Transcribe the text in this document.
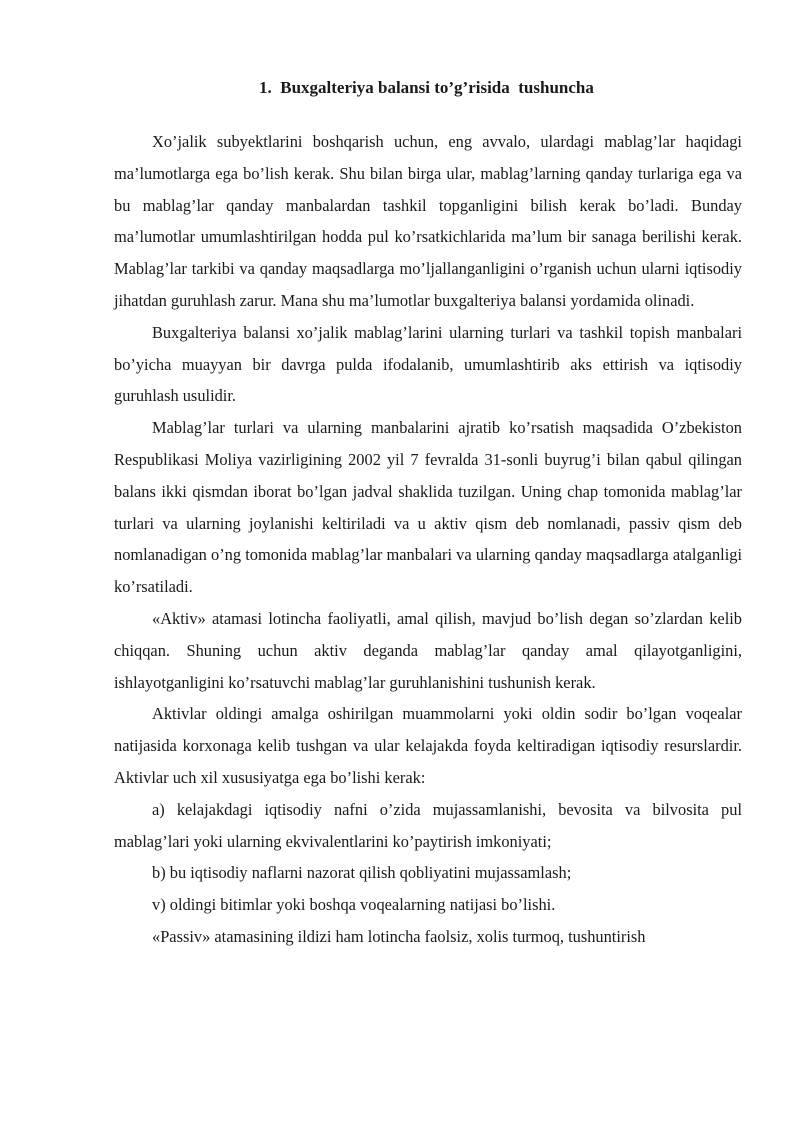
1.  Buxgalteriya balansi to’g’risida  tushuncha

Xo’jalik subyektlarini boshqarish uchun, eng avvalo, ulardagi mablag’lar haqidagi ma’lumotlarga ega bo’lish kerak. Shu bilan birga ular, mablag’larning qanday turlariga ega va bu mablag’lar qanday manbalardan tashkil topganligini bilish kerak bo’ladi. Bunday ma’lumotlar umumlashtirilgan hodda pul ko’rsatkichlarida ma’lum bir sanaga berilishi kerak. Mablag’lar tarkibi va qanday maqsadlarga mo’ljallanganligini o’rganish uchun ularni iqtisodiy jihatdan guruhlash zarur. Mana shu ma’lumotlar buxgalteriya balansi yordamida olinadi.

Buxgalteriya balansi xo’jalik mablag’larini ularning turlari va tashkil topish manbalari bo’yicha muayyan bir davrga pulda ifodalanib, umumlashtirib aks ettirish va iqtisodiy guruhlash usulidir.

Mablag’lar turlari va ularning manbalarini ajratib ko’rsatish maqsadida O’zbekiston Respublikasi Moliya vazirligining 2002 yil 7 fevralda 31-sonli buyrug’i bilan qabul qilingan balans ikki qismdan iborat bo’lgan jadval shaklida tuzilgan. Uning chap tomonida mablag’lar turlari va ularning joylanishi keltiriladi va u aktiv qism deb nomlanadi, passiv qism deb nomlanadigan o’ng tomonida mablag’lar manbalari va ularning qanday maqsadlarga atalganligi ko’rsatiladi.

«Aktiv» atamasi lotincha faoliyatli, amal qilish, mavjud bo’lish degan so’zlardan kelib chiqqan. Shuning uchun aktiv deganda mablag’lar qanday amal qilayotganligini, ishlayotganligini ko’rsatuvchi mablag’lar guruhlanishini tushunish kerak.

Aktivlar oldingi amalga oshirilgan muammolarni yoki oldin sodir bo’lgan voqealar natijasida korxonaga kelib tushgan va ular kelajakda foyda keltiradigan iqtisodiy resurslardir. Aktivlar uch xil xususiyatga ega bo’lishi kerak:

a) kelajakdagi iqtisodiy nafni o’zida mujassamlanishi, bevosita va bilvosita pul mablag’lari yoki ularning ekvivalentlarini ko’paytirish imkoniyati;

b) bu iqtisodiy naflarni nazorat qilish qobliyatini mujassamlash;

v) oldingi bitimlar yoki boshqa voqealarning natijasi bo’lishi.

«Passiv» atamasining ildizi ham lotincha faolsiz, xolis turmoq, tushuntirish
